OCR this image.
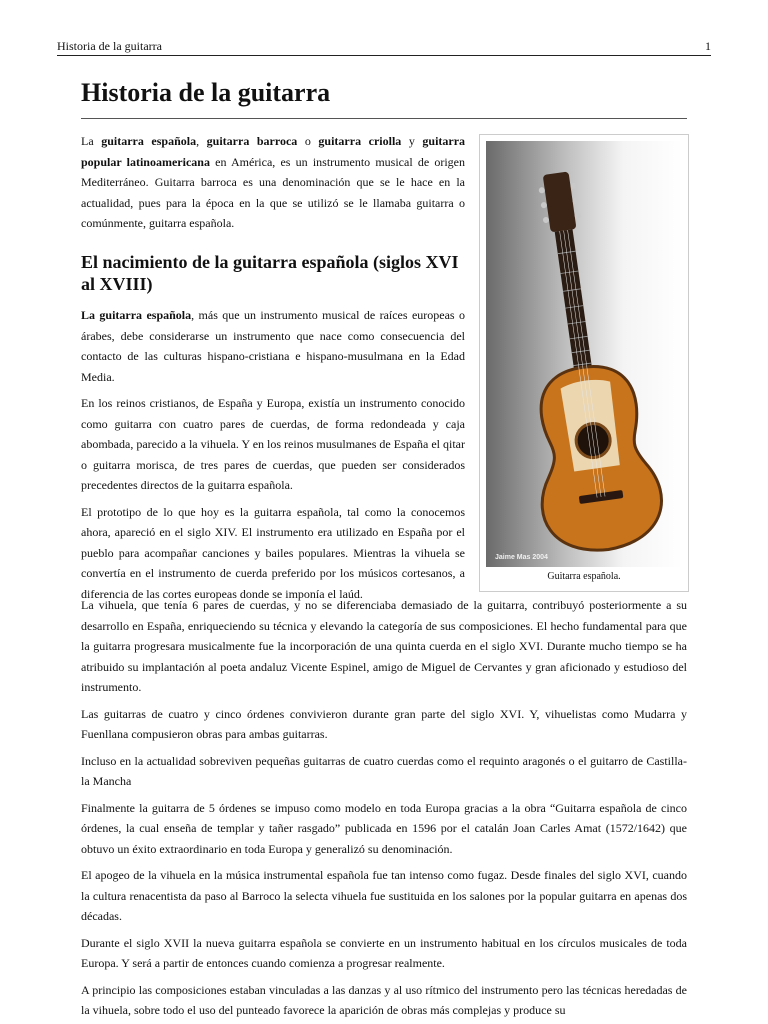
Historia de la guitarra	1
Historia de la guitarra

La guitarra española, guitarra barroca o guitarra criolla y guitarra popular latinoamericana en América, es un instrumento musical de origen Mediterráneo. Guitarra barroca es una denominación que se le hace en la actualidad, pues para la época en la que se utilizó se le llamaba guitarra o comúnmente, guitarra española.

El nacimiento de la guitarra española (siglos XVI al XVIII)

La guitarra española, más que un instrumento musical de raíces europeas o árabes, debe considerarse un instrumento que nace como consecuencia del contacto de las culturas hispano-cristiana e hispano-musulmana en la Edad Media.

En los reinos cristianos, de España y Europa, existía un instrumento conocido como guitarra con cuatro pares de cuerdas, de forma redondeada y caja abombada, parecido a la vihuela. Y en los reinos musulmanes de España el qitar o guitarra morisca, de tres pares de cuerdas, que pueden ser considerados precedentes directos de la guitarra española.

El prototipo de lo que hoy es la guitarra española, tal como la conocemos ahora, apareció en el siglo XIV. El instrumento era utilizado en España por el pueblo para acompañar canciones y bailes populares. Mientras la vihuela se convertía en el instrumento de cuerda preferido por los músicos cortesanos, a diferencia de las cortes europeas donde se imponía el laúd.

La vihuela, que tenía 6 pares de cuerdas, y no se diferenciaba demasiado de la guitarra, contribuyó posteriormente a su desarrollo en España, enriqueciendo su técnica y elevando la categoría de sus composiciones. El hecho fundamental para que la guitarra progresara musicalmente fue la incorporación de una quinta cuerda en el siglo XVI. Durante mucho tiempo se ha atribuido su implantación al poeta andaluz Vicente Espinel, amigo de Miguel de Cervantes y gran aficionado y estudioso del instrumento.

Las guitarras de cuatro y cinco órdenes convivieron durante gran parte del siglo XVI. Y, vihuelistas como Mudarra y Fuenllana compusieron obras para ambas guitarras.

Incluso en la actualidad sobreviven pequeñas guitarras de cuatro cuerdas como el requinto aragonés o el guitarro de Castilla-la Mancha

Finalmente la guitarra de 5 órdenes se impuso como modelo en toda Europa gracias a la obra “Guitarra española de cinco órdenes, la cual enseña de templar y tañer rasgado” publicada en 1596 por el catalán Joan Carles Amat (1572/1642) que obtuvo un éxito extraordinario en toda Europa y generalizó su denominación.

El apogeo de la vihuela en la música instrumental española fue tan intenso como fugaz. Desde finales del siglo XVI, cuando la cultura renacentista da paso al Barroco la selecta vihuela fue sustituida en los salones por la popular guitarra en apenas dos décadas.

Durante el siglo XVII la nueva guitarra española se convierte en un instrumento habitual en los círculos musicales de toda Europa. Y será a partir de entonces cuando comienza a progresar realmente.

A principio las composiciones estaban vinculadas a las danzas y al uso rítmico del instrumento pero las técnicas heredadas de la vihuela, sobre todo el uso del punteado favorece la aparición de obras más complejas y produce su

Jaime Mas 2004
Guitarra española.
